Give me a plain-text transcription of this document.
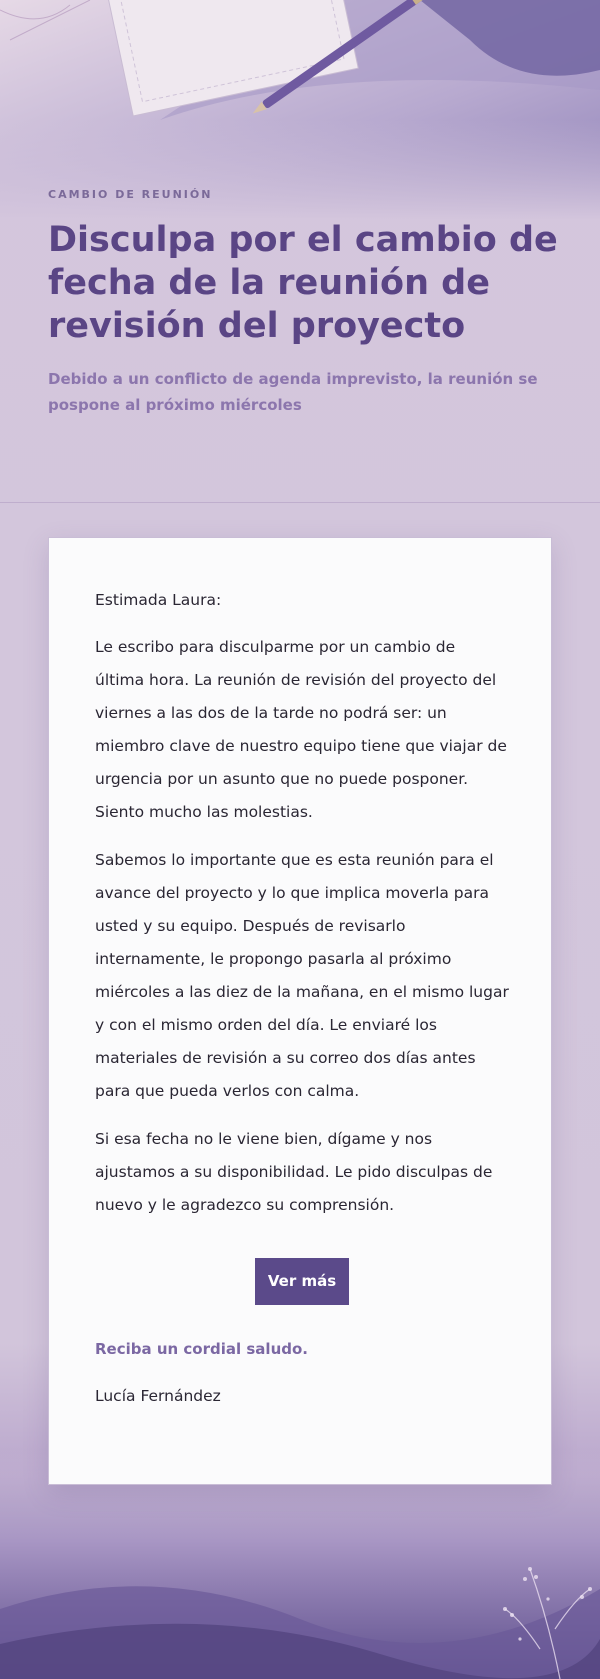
CAMBIO DE REUNIÓN

Disculpa por el cambio de fecha de la reunión de revisión del proyecto

Debido a un conflicto de agenda imprevisto, la reunión se pospone al próximo miércoles

Estimada Laura:

Le escribo para disculparme por un cambio de última hora. La reunión de revisión del proyecto del viernes a las dos de la tarde no podrá ser: un miembro clave de nuestro equipo tiene que viajar de urgencia por un asunto que no puede posponer. Siento mucho las molestias.

Sabemos lo importante que es esta reunión para el avance del proyecto y lo que implica moverla para usted y su equipo. Después de revisarlo internamente, le propongo pasarla al próximo miércoles a las diez de la mañana, en el mismo lugar y con el mismo orden del día. Le enviaré los materiales de revisión a su correo dos días antes para que pueda verlos con calma.

Si esa fecha no le viene bien, dígame y nos ajustamos a su disponibilidad. Le pido disculpas de nuevo y le agradezco su comprensión.

Ver más

Reciba un cordial saludo.

Lucía Fernández
